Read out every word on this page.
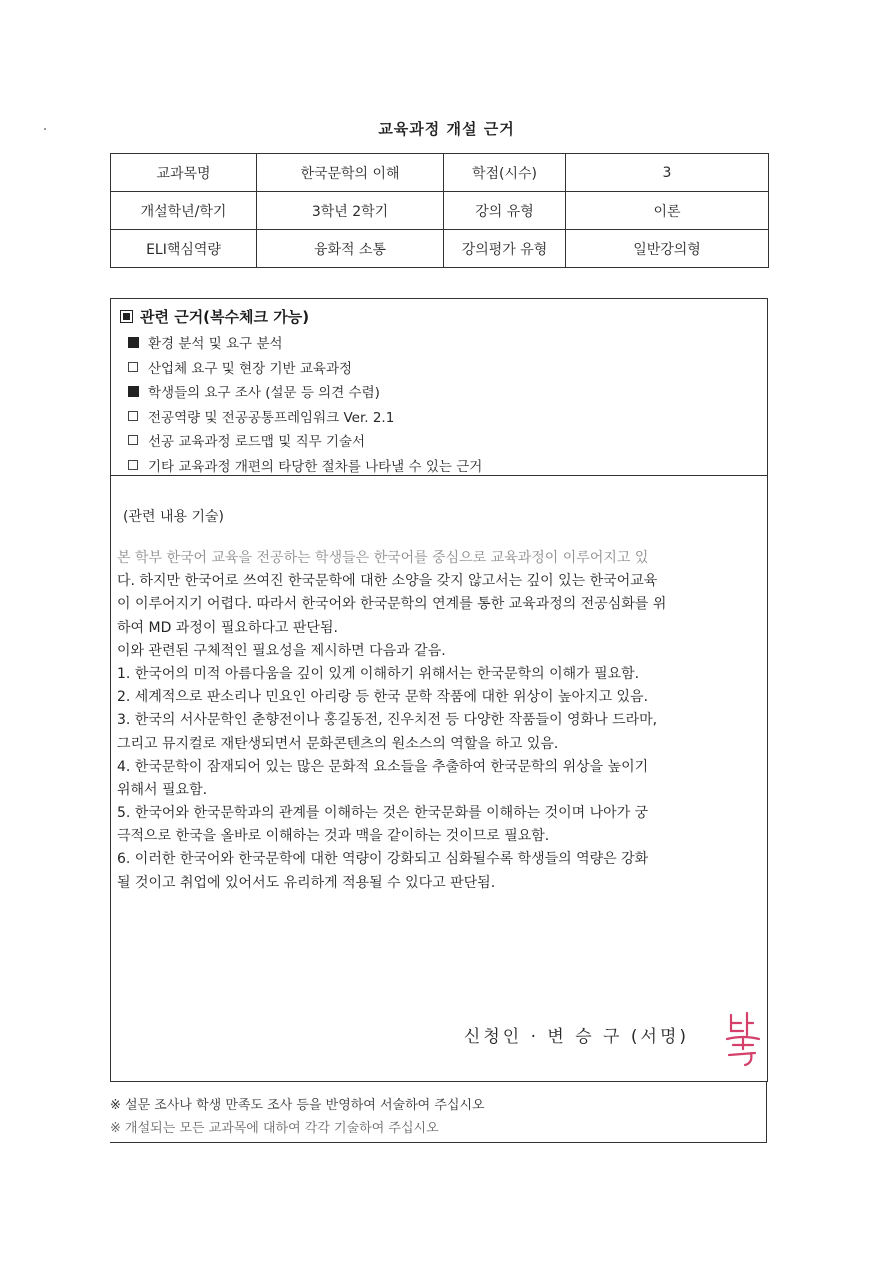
교육과정 개설 근거
교과목명	한국문학의 이해	학점(시수)	3
개설학년/학기	3학년 2학기	강의 유형	이론
ELI핵심역량	융화적 소통	강의평가 유형	일반강의형
관련 근거(복수체크 가능)
환경 분석 및 요구 분석
산업체 요구 및 현장 기반 교육과정
학생들의 요구 조사 (설문 등 의견 수렴)
전공역량 및 전공공통프레임워크 Ver. 2.1
선공 교육과정 로드맵 및 직무 기술서
기타 교육과정 개편의 타당한 절차를 나타낼 수 있는 근거
(관련 내용 기술)
본 학부 한국어 교육을 전공하는 학생들은 한국어를 중심으로 교육과정이 이루어지고 있
다. 하지만 한국어로 쓰여진 한국문학에 대한 소양을 갖지 않고서는 깊이 있는 한국어교육
이 이루어지기 어렵다. 따라서 한국어와 한국문학의 연계를 통한 교육과정의 전공심화를 위
하여 MD 과정이 필요하다고 판단됨.
이와 관련된 구체적인 필요성을 제시하면 다음과 같음.
1. 한국어의 미적 아름다움을 깊이 있게 이해하기 위해서는 한국문학의 이해가 필요함.
2. 세계적으로 판소리나 민요인 아리랑 등 한국 문학 작품에 대한 위상이 높아지고 있음.
3. 한국의 서사문학인 춘향전이나 홍길동전, 진우치전 등 다양한 작품들이 영화나 드라마,
그리고 뮤지컬로 재탄생되면서 문화콘텐츠의 원소스의 역할을 하고 있음.
4. 한국문학이 잠재되어 있는 많은 문화적 요소들을 추출하여 한국문학의 위상을 높이기
위해서 필요함.
5. 한국어와 한국문학과의 관계를 이해하는 것은 한국문화를 이해하는 것이며 나아가 궁
극적으로 한국을 올바로 이해하는 것과 맥을 같이하는 것이므로 필요함.
6. 이러한 한국어와 한국문학에 대한 역량이 강화되고 심화될수록 학생들의 역량은 강화
될 것이고 취업에 있어서도 유리하게 적용될 수 있다고 판단됨.
신청인 · 변 승 구 (서명)
※ 설문 조사나 학생 만족도 조사 등을 반영하여 서술하여 주십시오
※ 개설되는 모든 교과목에 대하여 각각 기술하여 주십시오
